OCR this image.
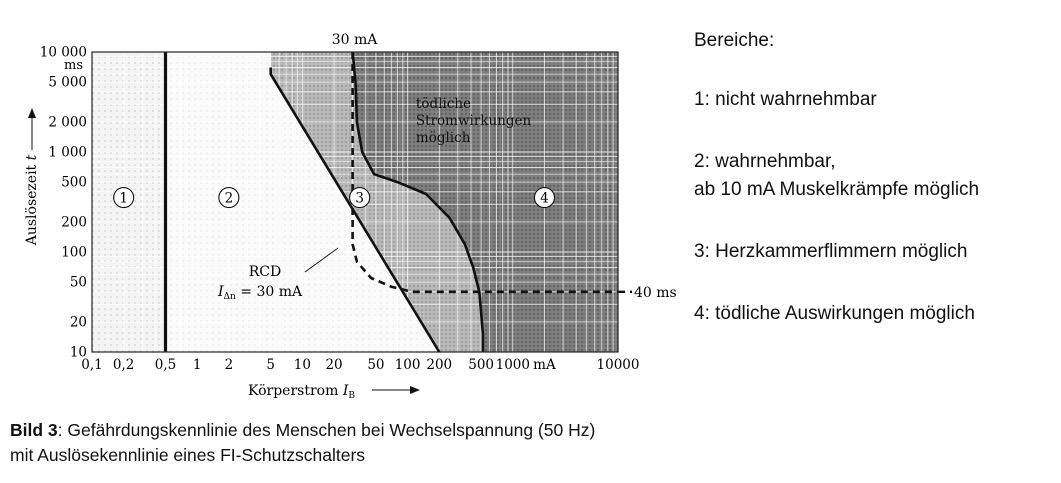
0,1 0,2 0,5 1 2 5 10 20 50 100 200 500 1000 mA	10000
10
20
50
100
200
500
1 000
2 000
5 000
10 000
1	2	3	4
ms
30 mA
40 ms
tödliche
Stromwirkungen
möglich
RCD
$I_{\Delta n} = 30$ mA
Körperstrom $I_B$
Auslösezeit t
Bereiche:
1: nicht wahrnehmbar
2: wahrnehmbar,
ab 10 mA Muskelkrämpfe möglich
3: Herzkammerflimmern möglich
4: tödliche Auswirkungen möglich
Bild 3: Gefährdungskennlinie des Menschen bei Wechselspannung (50 Hz)
mit Auslösekennlinie eines FI-Schutzschalters
